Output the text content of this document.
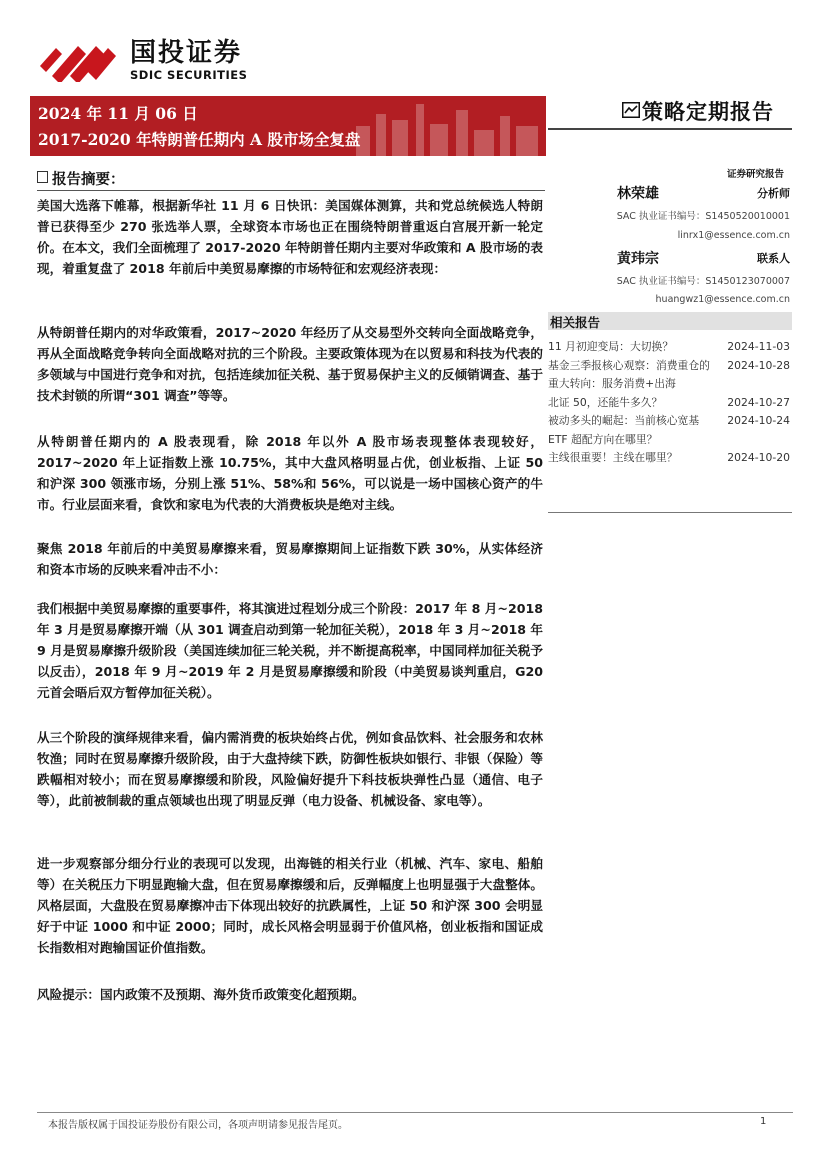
国投证券
SDIC SECURITIES
2024 年 11 月 06 日
2017-2020 年特朗普任期内 A 股市场全复盘
策略定期报告
证券研究报告
报告摘要：

美国大选落下帷幕，根据新华社 11 月 6 日快讯：美国媒体测算，共和党总统候选人特朗普已获得至少 270 张选举人票，全球资本市场也正在围绕特朗普重返白宫展开新一轮定价。在本文，我们全面梳理了 2017-2020 年特朗普任期内主要对华政策和 A 股市场的表现，着重复盘了 2018 年前后中美贸易摩擦的市场特征和宏观经济表现：

从特朗普任期内的对华政策看，2017~2020 年经历了从交易型外交转向全面战略竞争，再从全面战略竞争转向全面战略对抗的三个阶段。主要政策体现为在以贸易和科技为代表的多领域与中国进行竞争和对抗，包括连续加征关税、基于贸易保护主义的反倾销调查、基于技术封锁的所谓“301 调查”等等。

从特朗普任期内的 A 股表现看，除 2018 年以外 A 股市场表现整体表现较好，2017~2020 年上证指数上涨 10.75%，其中大盘风格明显占优，创业板指、上证 50 和沪深 300 领涨市场，分别上涨 51%、58%和 56%，可以说是一场中国核心资产的牛市。行业层面来看，食饮和家电为代表的大消费板块是绝对主线。

聚焦 2018 年前后的中美贸易摩擦来看，贸易摩擦期间上证指数下跌 30%，从实体经济和资本市场的反映来看冲击不小：

我们根据中美贸易摩擦的重要事件，将其演进过程划分成三个阶段：2017 年 8 月~2018 年 3 月是贸易摩擦开端（从 301 调查启动到第一轮加征关税），2018 年 3 月~2018 年 9 月是贸易摩擦升级阶段（美国连续加征三轮关税，并不断提高税率，中国同样加征关税予以反击），2018 年 9 月~2019 年 2 月是贸易摩擦缓和阶段（中美贸易谈判重启，G20 元首会晤后双方暂停加征关税）。

从三个阶段的演绎规律来看，偏内需消费的板块始终占优，例如食品饮料、社会服务和农林牧渔；同时在贸易摩擦升级阶段，由于大盘持续下跌，防御性板块如银行、非银（保险）等跌幅相对较小；而在贸易摩擦缓和阶段，风险偏好提升下科技板块弹性凸显（通信、电子等），此前被制裁的重点领域也出现了明显反弹（电力设备、机械设备、家电等）。

进一步观察部分细分行业的表现可以发现，出海链的相关行业（机械、汽车、家电、船舶等）在关税压力下明显跑输大盘，但在贸易摩擦缓和后，反弹幅度上也明显强于大盘整体。风格层面，大盘股在贸易摩擦冲击下体现出较好的抗跌属性，上证 50 和沪深 300 会明显好于中证 1000 和中证 2000；同时，成长风格会明显弱于价值风格，创业板指和国证成长指数相对跑输国证价值指数。

风险提示：国内政策不及预期、海外货币政策变化超预期。

林荣雄	分析师
SAC 执业证书编号：S1450520010001
linrx1@essence.com.cn
黄玮宗	联系人
SAC 执业证书编号：S1450123070007
huangwz1@essence.com.cn
相关报告
11 月初迎变局：大切换？	2024-11-03
基金三季报核心观察：消费重仓的重大转向：服务消费+出海
2024-10-28
北证 50，还能牛多久？	2024-10-27
被动多头的崛起：当前核心宽基 ETF 超配方向在哪里？
2024-10-24
主线很重要！主线在哪里？	2024-10-20
本报告版权属于国投证券股份有限公司，各项声明请参见报告尾页。	1
